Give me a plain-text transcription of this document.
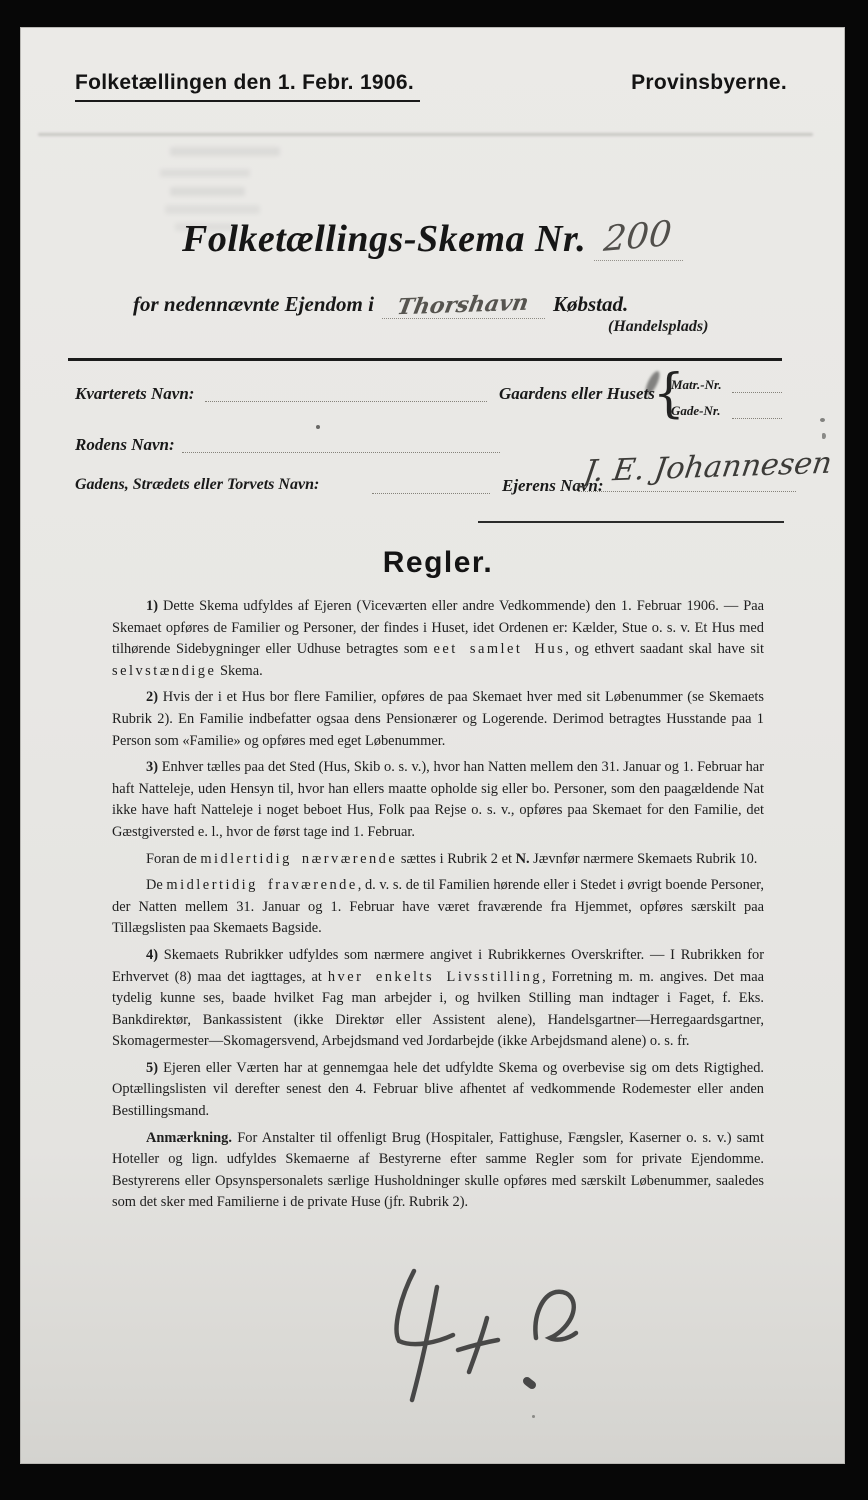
Folketællingen den 1. Febr. 1906.	Provinsbyerne.
Folketællings-Skema Nr. 200
for nedennævnte Ejendom i Thorshavn Købstad.
(Handelsplads)
Kvarterets Navn:	Gaardens eller Husets
{
Matr.-Nr.
Gade-Nr.
Rodens Navn:
Gadens, Strædets eller Torvets Navn:	Ejerens Navn:
J. E. Johannesen
Regler.

1) Dette Skema udfyldes af Ejeren (Viceværten eller andre Vedkommende) den 1. Februar 1906. — Paa Skemaet opføres de Familier og Personer, der findes i Huset, idet Ordenen er: Kælder, Stue o. s. v. Et Hus med tilhørende Sidebygninger eller Udhuse betragtes som eet samlet Hus, og ethvert saadant skal have sit selvstændige Skema.

2) Hvis der i et Hus bor flere Familier, opføres de paa Skemaet hver med sit Løbenummer (se Skemaets Rubrik 2). En Familie indbefatter ogsaa dens Pensionærer og Logerende. Derimod betragtes Husstande paa 1 Person som «Familie» og opføres med eget Løbenummer.

3) Enhver tælles paa det Sted (Hus, Skib o. s. v.), hvor han Natten mellem den 31. Januar og 1. Februar har haft Natteleje, uden Hensyn til, hvor han ellers maatte opholde sig eller bo. Personer, som den paagældende Nat ikke have haft Natteleje i noget beboet Hus, Folk paa Rejse o. s. v., opføres paa Skemaet for den Familie, det Gæstgiversted e. l., hvor de først tage ind 1. Februar.

Foran de midlertidig nærværende sættes i Rubrik 2 et N. Jævnfør nærmere Skemaets Rubrik 10.

De midlertidig fraværende, d. v. s. de til Familien hørende eller i Stedet i øvrigt boende Personer, der Natten mellem 31. Januar og 1. Februar have været fraværende fra Hjemmet, opføres særskilt paa Tillægslisten paa Skemaets Bagside.

4) Skemaets Rubrikker udfyldes som nærmere angivet i Rubrikkernes Overskrifter. — I Rubrikken for Erhvervet (8) maa det iagttages, at hver enkelts Livsstilling, Forretning m. m. angives. Det maa tydelig kunne ses, baade hvilket Fag man arbejder i, og hvilken Stilling man indtager i Faget, f. Eks. Bankdirektør, Bankassistent (ikke Direktør eller Assistent alene), Handelsgartner—Herregaardsgartner, Skomagermester—Skomagersvend, Arbejdsmand ved Jordarbejde (ikke Arbejdsmand alene) o. s. fr.

5) Ejeren eller Værten har at gennemgaa hele det udfyldte Skema og overbevise sig om dets Rigtighed. Optællingslisten vil derefter senest den 4. Februar blive afhentet af vedkommende Rodemester eller anden Bestillingsmand.

Anmærkning. For Anstalter til offenligt Brug (Hospitaler, Fattighuse, Fængsler, Kaserner o. s. v.) samt Hoteller og lign. udfyldes Skemaerne af Bestyrerne efter samme Regler som for private Ejendomme. Bestyrerens eller Opsynspersonalets særlige Husholdninger skulle opføres med særskilt Løbenummer, saaledes som det sker med Familierne i de private Huse (jfr. Rubrik 2).
